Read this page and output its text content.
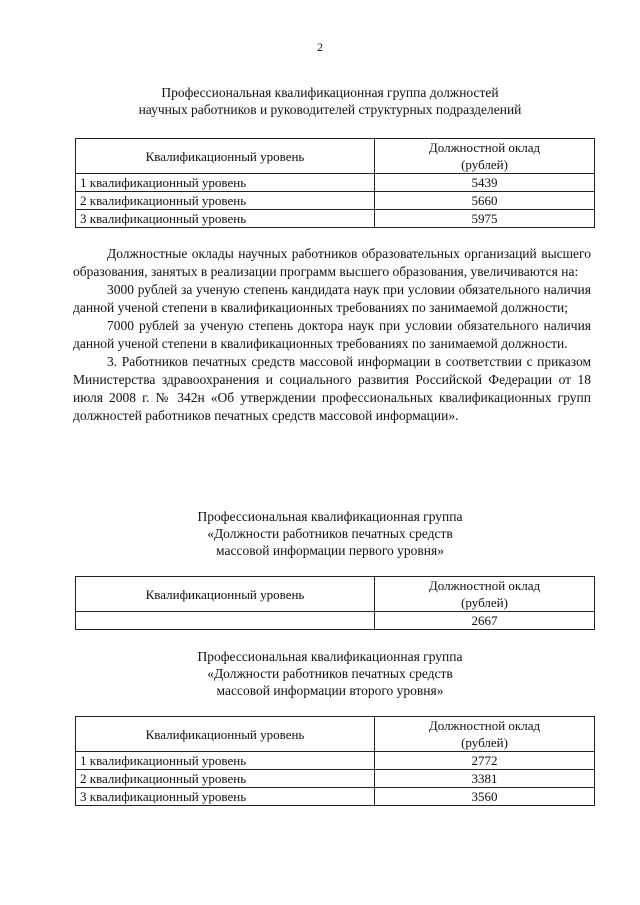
2
Профессиональная квалификационная группа должностей
научных работников и руководителей структурных подразделений
Квалификационный уровень	Должностной оклад
(рублей)
1 квалификационный уровень	5439
2 квалификационный уровень	5660
3 квалификационный уровень	5975

Должностные оклады научных работников образовательных организаций высшего образования, занятых в реализации программ высшего образования, увеличиваются на:

3000 рублей за ученую степень кандидата наук при условии обязательного наличия данной ученой степени в квалификационных требованиях по занимаемой должности;

7000 рублей за ученую степень доктора наук при условии обязательного наличия данной ученой степени в квалификационных требованиях по занимаемой должности.

3. Работников печатных средств массовой информации в соответствии с приказом Министерства здравоохранения и социального развития Российской Федерации от 18 июля 2008 г. № 342н «Об утверждении профессиональных квалификационных групп должностей работников печатных средств массовой информации».

Профессиональная квалификационная группа
«Должности работников печатных средств
массовой информации первого уровня»
Квалификационный уровень	Должностной оклад
(рублей)
	2667
Профессиональная квалификационная группа
«Должности работников печатных средств
массовой информации второго уровня»
Квалификационный уровень	Должностной оклад
(рублей)
1 квалификационный уровень	2772
2 квалификационный уровень	3381
3 квалификационный уровень	3560
